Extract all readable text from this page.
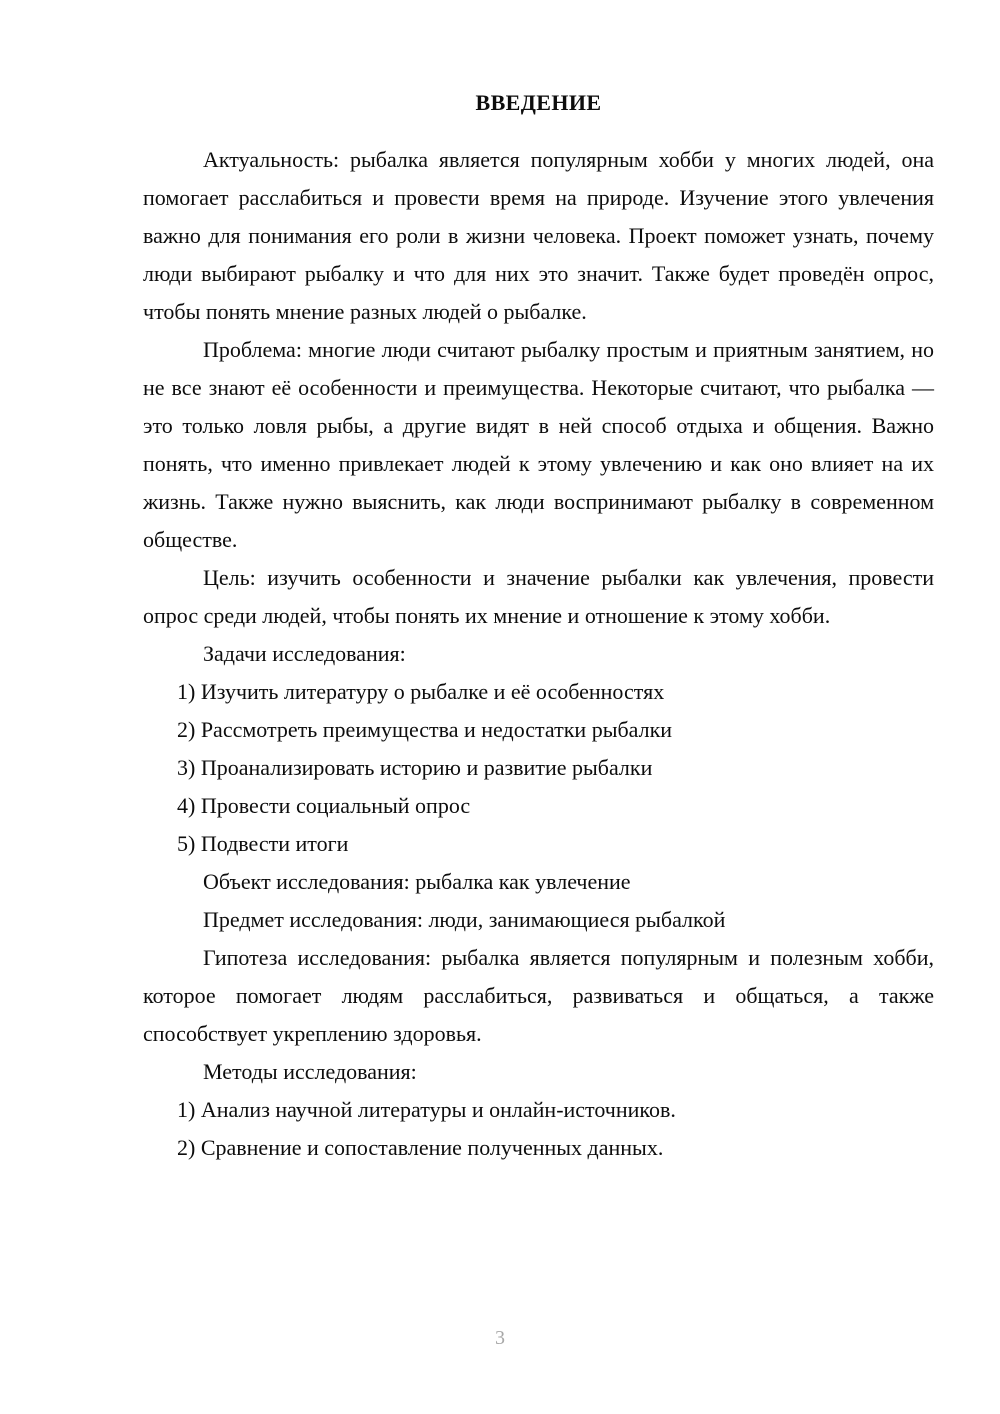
ВВЕДЕНИЕ

Актуальность: рыбалка является популярным хобби у многих людей, она помогает расслабиться и провести время на природе. Изучение этого увлечения важно для понимания его роли в жизни человека. Проект поможет узнать, почему люди выбирают рыбалку и что для них это значит. Также будет проведён опрос, чтобы понять мнение разных людей о рыбалке.

Проблема: многие люди считают рыбалку простым и приятным занятием, но не все знают её особенности и преимущества. Некоторые считают, что рыбалка — это только ловля рыбы, а другие видят в ней способ отдыха и общения. Важно понять, что именно привлекает людей к этому увлечению и как оно влияет на их жизнь. Также нужно выяснить, как люди воспринимают рыбалку в современном обществе.

Цель: изучить особенности и значение рыбалки как увлечения, провести опрос среди людей, чтобы понять их мнение и отношение к этому хобби.

Задачи исследования:

1) Изучить литературу о рыбалке и её особенностях
2) Рассмотреть преимущества и недостатки рыбалки
3) Проанализировать историю и развитие рыбалки
4) Провести социальный опрос
5) Подвести итоги

Объект исследования: рыбалка как увлечение

Предмет исследования: люди, занимающиеся рыбалкой

Гипотеза исследования: рыбалка является популярным и полезным хобби, которое помогает людям расслабиться, развиваться и общаться, а также способствует укреплению здоровья.

Методы исследования:

1) Анализ научной литературы и онлайн-источников.
2) Сравнение и сопоставление полученных данных.
3
